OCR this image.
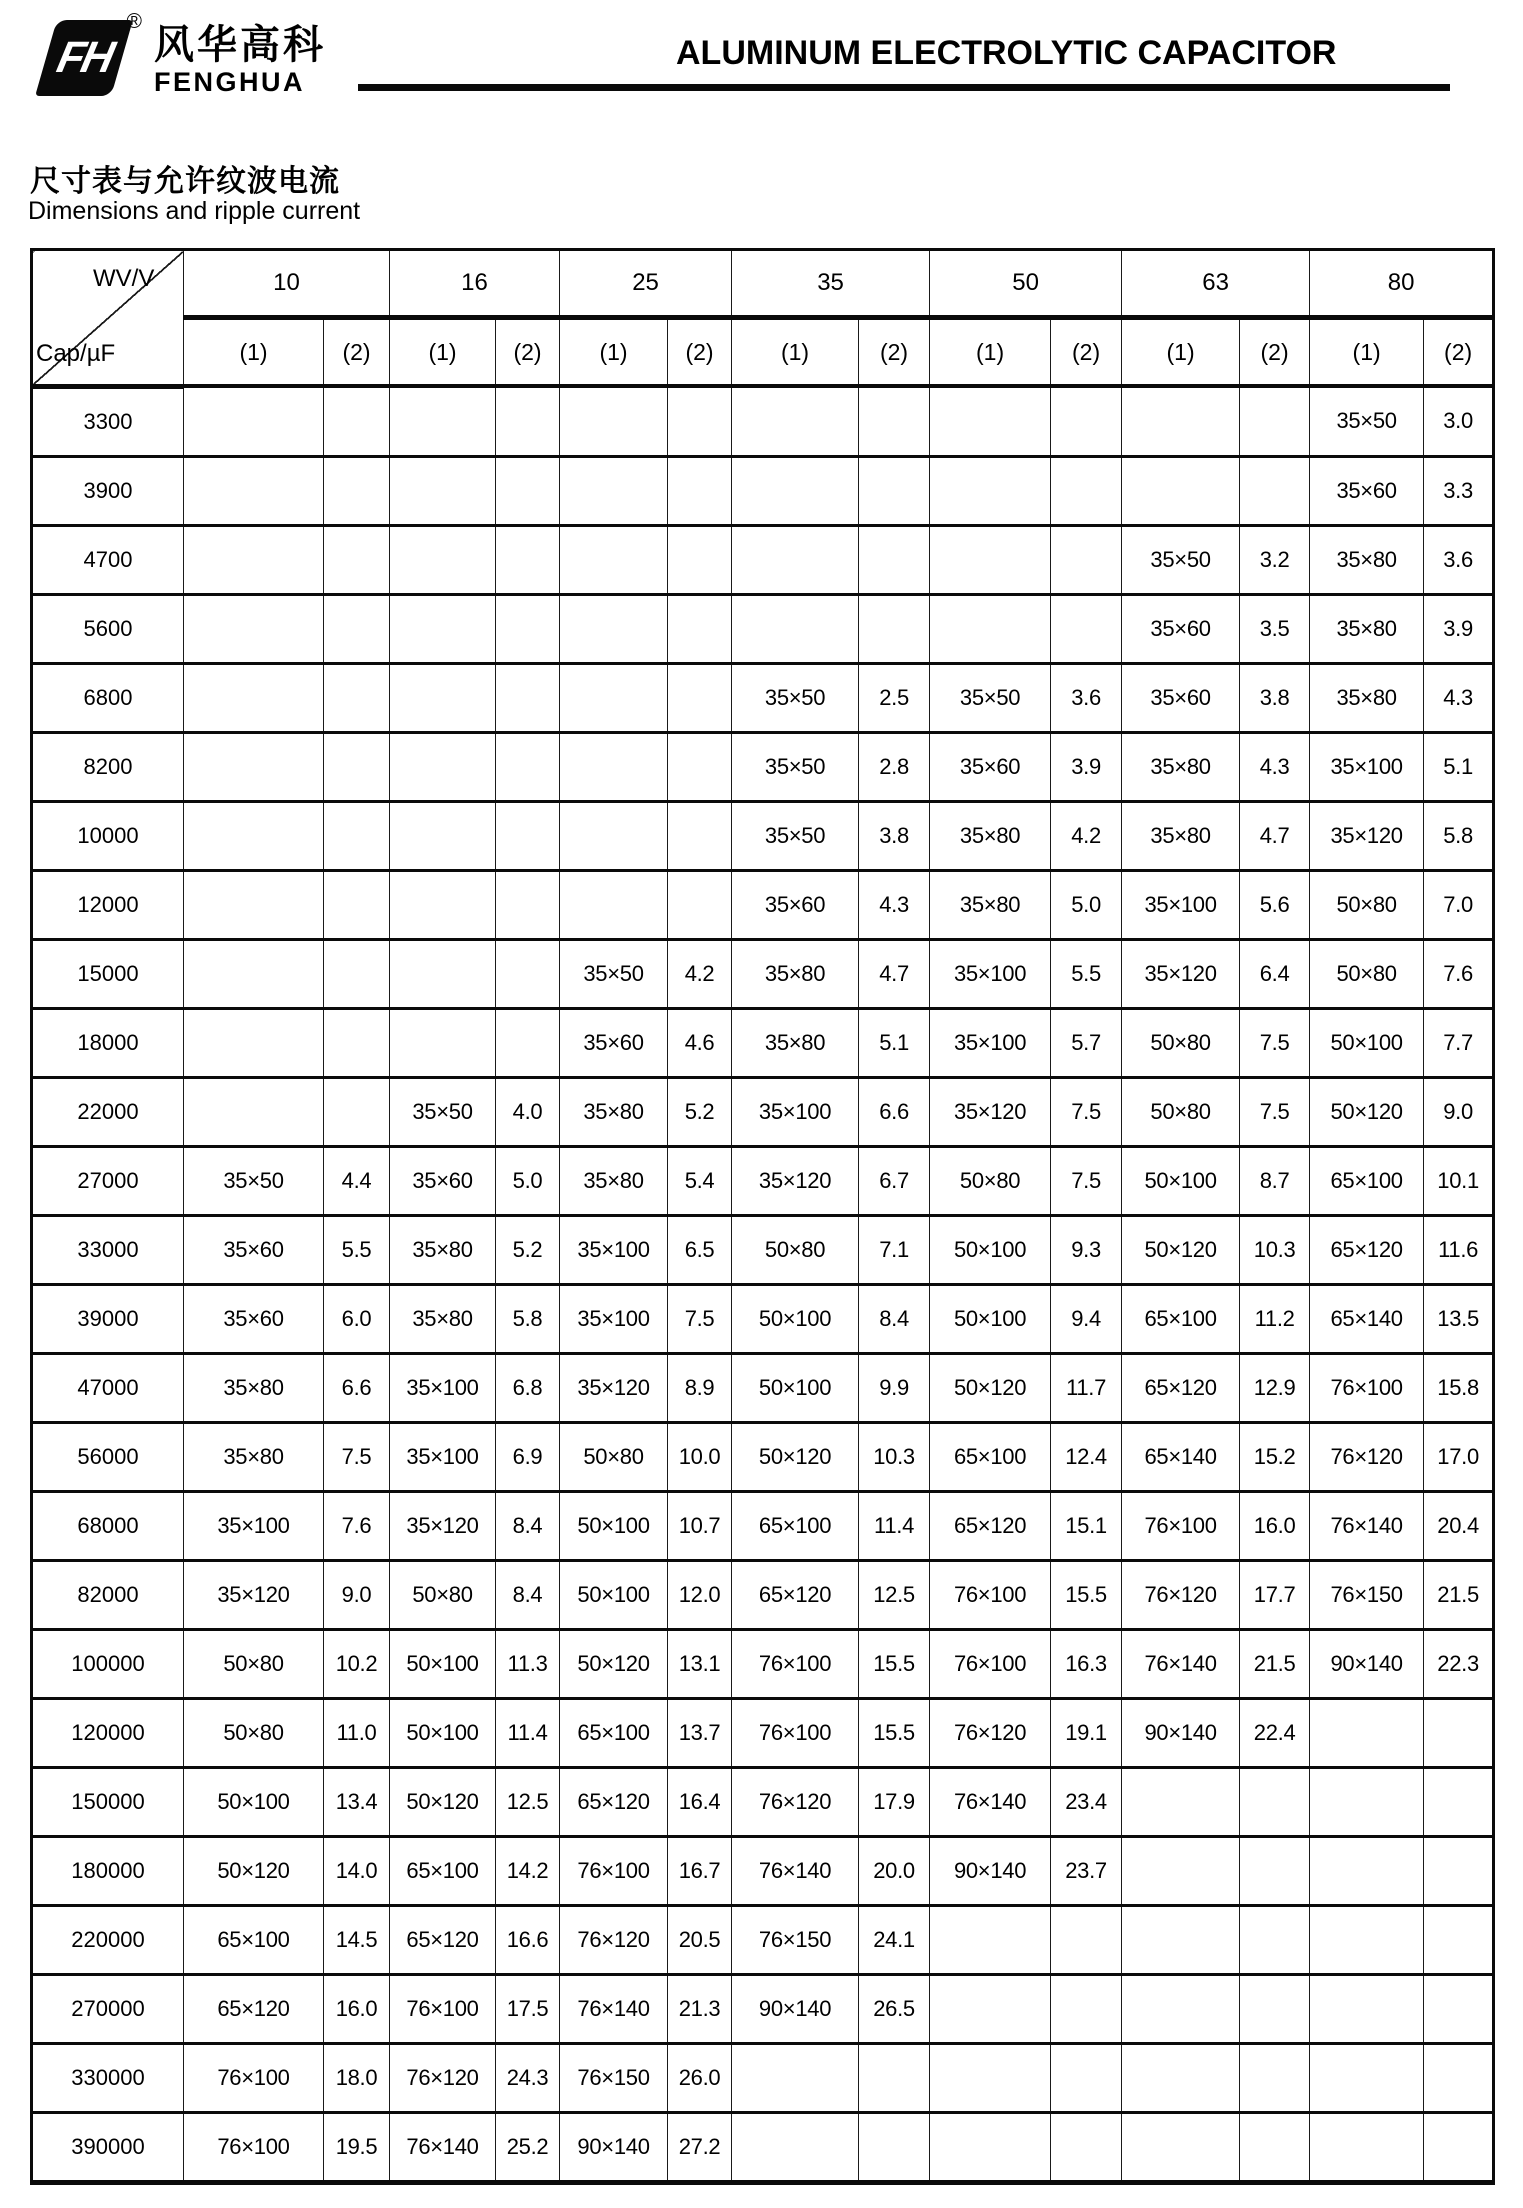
FH
®
风华高科
FENGHUA
ALUMINUM ELECTROLYTIC CAPACITOR
尺寸表与允许纹波电流
Dimensions and ripple current
WV/V
Cap/µF	10		16		25		35		50		63		80	
	(1)	(2)	(1)	(2)	(1)	(2)	(1)	(2)	(1)	(2)	(1)	(2)	(1)	(2)
3300													35×50	3.0
3900													35×60	3.3
4700											35×50	3.2	35×80	3.6
5600											35×60	3.5	35×80	3.9
6800							35×50	2.5	35×50	3.6	35×60	3.8	35×80	4.3
8200							35×50	2.8	35×60	3.9	35×80	4.3	35×100	5.1
10000							35×50	3.8	35×80	4.2	35×80	4.7	35×120	5.8
12000							35×60	4.3	35×80	5.0	35×100	5.6	50×80	7.0
15000					35×50	4.2	35×80	4.7	35×100	5.5	35×120	6.4	50×80	7.6
18000					35×60	4.6	35×80	5.1	35×100	5.7	50×80	7.5	50×100	7.7
22000			35×50	4.0	35×80	5.2	35×100	6.6	35×120	7.5	50×80	7.5	50×120	9.0
27000	35×50	4.4	35×60	5.0	35×80	5.4	35×120	6.7	50×80	7.5	50×100	8.7	65×100	10.1
33000	35×60	5.5	35×80	5.2	35×100	6.5	50×80	7.1	50×100	9.3	50×120	10.3	65×120	11.6
39000	35×60	6.0	35×80	5.8	35×100	7.5	50×100	8.4	50×100	9.4	65×100	11.2	65×140	13.5
47000	35×80	6.6	35×100	6.8	35×120	8.9	50×100	9.9	50×120	11.7	65×120	12.9	76×100	15.8
56000	35×80	7.5	35×100	6.9	50×80	10.0	50×120	10.3	65×100	12.4	65×140	15.2	76×120	17.0
68000	35×100	7.6	35×120	8.4	50×100	10.7	65×100	11.4	65×120	15.1	76×100	16.0	76×140	20.4
82000	35×120	9.0	50×80	8.4	50×100	12.0	65×120	12.5	76×100	15.5	76×120	17.7	76×150	21.5
100000	50×80	10.2	50×100	11.3	50×120	13.1	76×100	15.5	76×100	16.3	76×140	21.5	90×140	22.3
120000	50×80	11.0	50×100	11.4	65×100	13.7	76×100	15.5	76×120	19.1	90×140	22.4		
150000	50×100	13.4	50×120	12.5	65×120	16.4	76×120	17.9	76×140	23.4				
180000	50×120	14.0	65×100	14.2	76×100	16.7	76×140	20.0	90×140	23.7				
220000	65×100	14.5	65×120	16.6	76×120	20.5	76×150	24.1						
270000	65×120	16.0	76×100	17.5	76×140	21.3	90×140	26.5						
330000	76×100	18.0	76×120	24.3	76×150	26.0								
390000	76×100	19.5	76×140	25.2	90×140	27.2								
